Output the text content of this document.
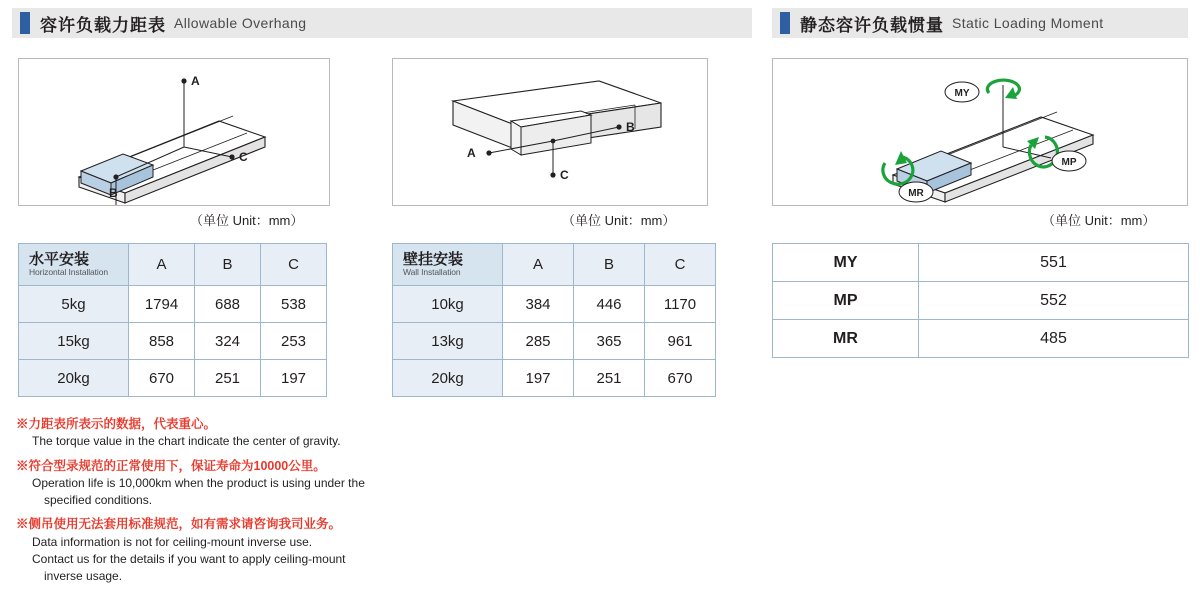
容许负载力距表 Allowable Overhang	静态容许负载惯量 Static Loading Moment
A
C
B
（单位 Unit：mm）
A
B
C
（单位 Unit：mm）
MY
MP
MR
（单位 Unit：mm）
水平安装
Horizontal Installation	A	B	C
5kg	1794	688	538
15kg	858	324	253
20kg	670	251	197
壁挂安装
Wall Installation	A	B	C
10kg	384	446	1170
13kg	285	365	961
20kg	197	251	670
MY	551
MP	552
MR	485
※力距表所表示的数据，代表重心。
The torque value in the chart indicate the center of gravity.
※符合型录规范的正常使用下，保证寿命为10000公里。
Operation life is 10,000km when the product is using under the
specified conditions.
※侧吊使用无法套用标准规范，如有需求请咨询我司业务。
Data information is not for ceiling-mount inverse use.
Contact us for the details if you want to apply ceiling-mount
inverse usage.
